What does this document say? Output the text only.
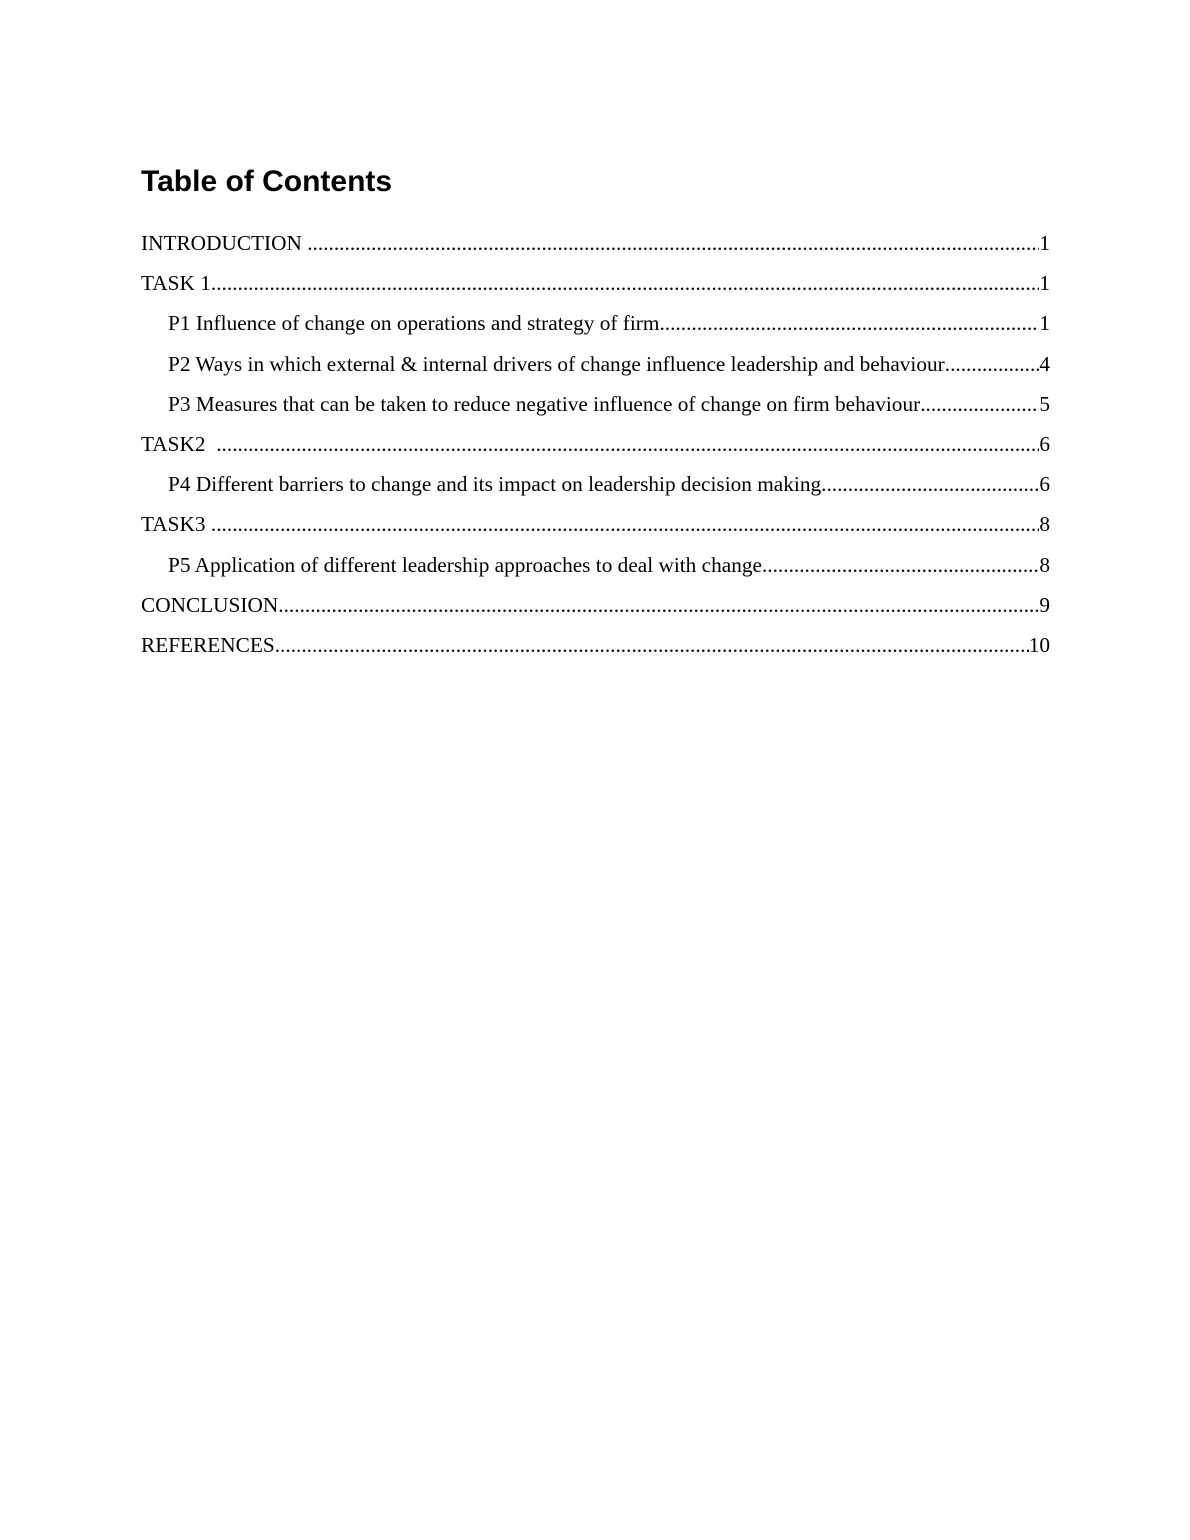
Table of Contents
INTRODUCTION .....	1
TASK 1 .....	1
P1 Influence of change on operations and strategy of firm .....	1
P2 Ways in which external & internal drivers of change influence leadership and behaviour .....	4
P3 Measures that can be taken to reduce negative influence of change on firm behaviour .....	5
TASK2 .....	6
P4 Different barriers to change and its impact on leadership decision making .....	6
TASK3 .....	8
P5 Application of different leadership approaches to deal with change .....	8
CONCLUSION .....	9
REFERENCES .....	10
